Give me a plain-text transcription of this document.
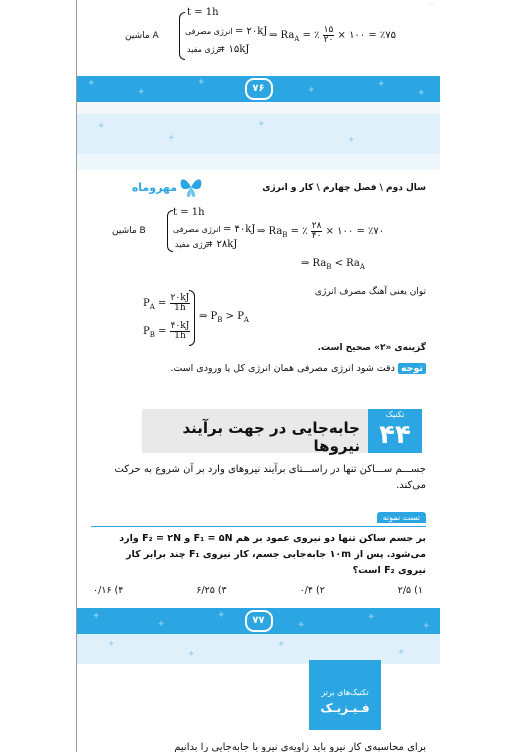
·····
t = 1h
A ماشین	انرژی مصرفی = ۲۰kJ
انرژی مفید
= ۱۵kJ
⇒ $Ra_A$ = ٪ $\frac{۱۵}{۲۰}$ × ۱۰۰ = ٪۷۵
✦
✦
✦
✦
✦
✦
۷۶
✦
✦
✦
✦
مهروماه	سال دوم \ فصل چهارم \ کار و انرژی
t = 1h
B ماشین	انرژی مصرفی = ۴۰kJ
انرژی مفید
= ۲۸kJ
⇒ $Ra_B$ = ٪ $\frac{۲۸}{۴۰}$ × ۱۰۰ = ٪۷۰
⇒ $Ra_B < Ra_A$
توان یعنی آهنگ مصرف انرژی
$P_A = \frac{۲۰kJ}{1h}$
$P_B = \frac{۴۰kJ}{1h}$
⇒ $P_B > P_A$
گزینه‌ی «۲» صحیح است.
توجه دقت شود انرژی مصرفی همان انرژی کل یا ورودی است.
تکنیک
۴۴
جابه‌جایی در جهت برآیند نیروها
جســـم ســـاکن تنها در راســـتای برآیند نیروهای وارد بر آن شروع به حرکت می‌کند.
تست نمونه
بر جسم ساکن تنها دو نیروی عمود بر هم F₁ = ۵N و F₂ = ۲N وارد می‌شود. پس از ۱۰m جابه‌جایی جسم، کار نیروی F₁ چند برابر کار نیروی F₂ است؟
۱) ۲/۵
۲) ۰/۴
۳) ۶/۲۵
۴) ۰/۱۶
✦
✦
✦
✦
✦
✦
۷۷
✦
✦
✦
✦
تکنیک‌های برتر
فـیـزیـک
برای محاسبه‌ی کار نیرو باید زاویه‌ی نیرو با جابه‌جایی را بدانیم
